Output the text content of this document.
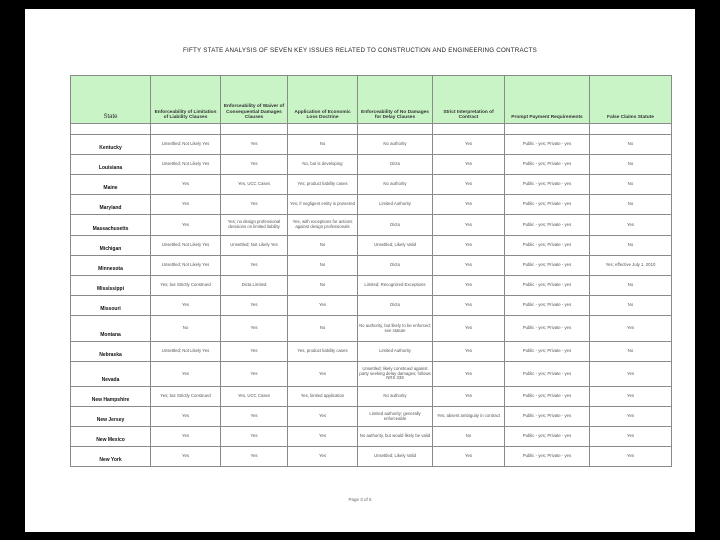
FIFTY STATE ANALYSIS OF SEVEN KEY ISSUES RELATED TO CONSTRUCTION AND ENGINEERING CONTRACTS
State	Enforceability of Limitation of Liability Clauses	Enforceability of Waiver of Consequential Damages Clauses	Application of Economic Loss Doctrine	Enforceability of No Damages for Delay Clauses	Strict Interpretation of Contract	Prompt Payment Requirements	False Claims Statute

Kentucky	Unsettled; Not Likely Yes	Yes	No	No authority	Yes	Public - yes; Private - yes	No
Louisiana	Unsettled; Not Likely Yes	Yes	No, but is developing	Dicta	Yes	Public - yes; Private - yes	No
Maine	Yes	Yes, UCC Cases	Yes; product liability cases	No authority	Yes	Public - yes; Private - yes	No
Maryland	Yes	Yes	Yes; if negligent entity is protected	Limited Authority	Yes	Public - yes; Private - yes	No
Massachusetts	Yes	Yes; no design professional decisions on limited liability	Yes, with exceptions for actions against design professionals	Dicta	Yes	Public - yes; Private - yes	Yes
Michigan	Unsettled; Not Likely Yes	Unsettled; Not Likely Yes	No	Unsettled; Likely Valid	Yes	Public - yes; Private - yes	No
Minnesota	Unsettled; Not Likely Yes	Yes	No	Dicta	Yes	Public - yes; Private - yes	Yes; effective July 1, 2010
Mississippi	Yes; but Strictly Construed	Dicta Limited	No	Limited; Recognized Exceptions	Yes	Public - yes; Private - yes	No
Missouri	Yes	Yes	Yes	Dicta	Yes	Public - yes; Private - yes	No
Montana	No	Yes	No	No authority, but likely to be enforced; see statute	Yes	Public - yes; Private - yes	Yes
Nebraska	Unsettled; Not Likely Yes	Yes	Yes, product liability cases	Limited Authority	Yes	Public - yes; Private - yes	No
Nevada	Yes	Yes	Yes	Unsettled; likely construed against party seeking delay damages; follows NRS 338	Yes	Public - yes; Private - yes	Yes
New Hampshire	Yes; but Strictly Construed	Yes, UCC Cases	Yes, limited application	No authority	Yes	Public - yes; Private - yes	Yes
New Jersey	Yes	Yes	Yes	Limited authority; generally enforceable	Yes; absent ambiguity in contract	Public - yes; Private - yes	Yes
New Mexico	Yes	Yes	Yes	No authority, but would likely be valid	No	Public - yes; Private - yes	Yes
New York	Yes	Yes	Yes	Unsettled; Likely Valid	Yes	Public - yes; Private - yes	Yes
Page 3 of 5
